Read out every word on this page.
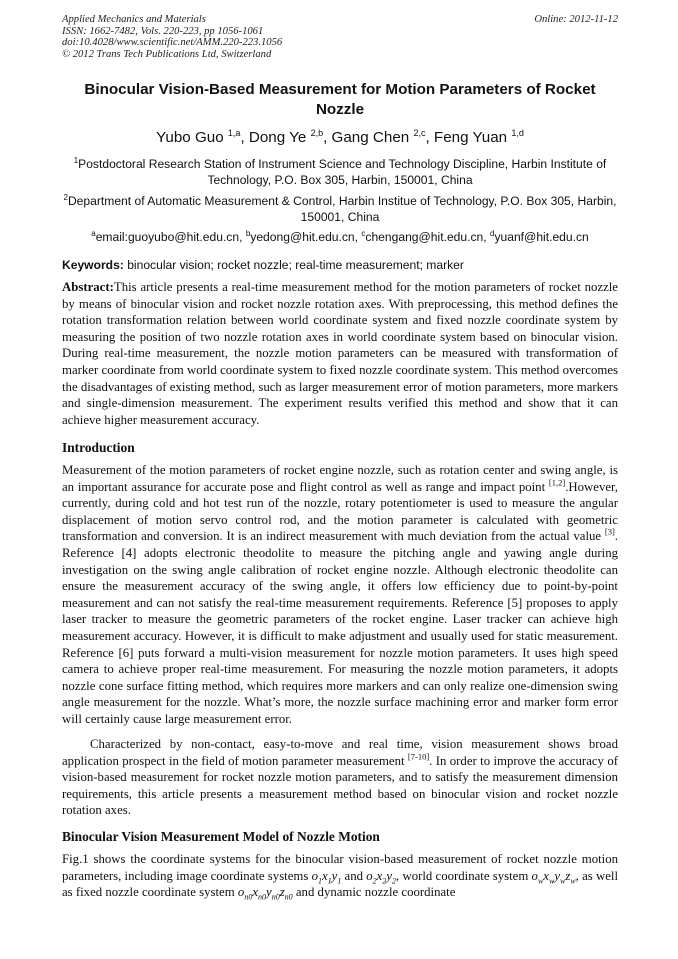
Applied Mechanics and Materials
ISSN: 1662-7482, Vols. 220-223, pp 1056-1061
doi:10.4028/www.scientific.net/AMM.220-223.1056
© 2012 Trans Tech Publications Ltd, Switzerland
Online: 2012-11-12
Binocular Vision-Based Measurement for Motion Parameters of Rocket Nozzle
Yubo Guo $^{1,a}$, Dong Ye $^{2,b}$, Gang Chen $^{2,c}$, Feng Yuan $^{1,d}$
$^1$Postdoctoral Research Station of Instrument Science and Technology Discipline, Harbin Institute of Technology, P.O. Box 305, Harbin, 150001, China
$^2$Department of Automatic Measurement & Control, Harbin Institue of Technology, P.O. Box 305, Harbin, 150001, China
$^a$email:guoyubo@hit.edu.cn, $^b$yedong@hit.edu.cn, $^c$chengang@hit.edu.cn, $^d$yuanf@hit.edu.cn
Keywords: binocular vision; rocket nozzle; real-time measurement; marker
Abstract:This article presents a real-time measurement method for the motion parameters of rocket nozzle by means of binocular vision and rocket nozzle rotation axes. With preprocessing, this method defines the rotation transformation relation between world coordinate system and fixed nozzle coordinate system by measuring the position of two nozzle rotation axes in world coordinate system based on binocular vision. During real-time measurement, the nozzle motion parameters can be measured with transformation of marker coordinate from world coordinate system to fixed nozzle coordinate system. This method overcomes the disadvantages of existing method, such as larger measurement error of motion parameters, more markers and single-dimension measurement. The experiment results verified this method and show that it can achieve higher measurement accuracy.
Introduction
Measurement of the motion parameters of rocket engine nozzle, such as rotation center and swing angle, is an important assurance for accurate pose and flight control as well as range and impact point [1,2].However, currently, during cold and hot test run of the nozzle, rotary potentiometer is used to measure the angular displacement of motion servo control rod, and the motion parameter is calculated with geometric transformation and conversion. It is an indirect measurement with much deviation from the actual value [3]. Reference [4] adopts electronic theodolite to measure the pitching angle and yawing angle during investigation on the swing angle calibration of rocket engine nozzle. Although electronic theodolite can ensure the measurement accuracy of the swing angle, it offers low efficiency due to point-by-point measurement and can not satisfy the real-time measurement requirements. Reference [5] proposes to apply laser tracker to measure the geometric parameters of the rocket engine. Laser tracker can achieve high measurement accuracy. However, it is difficult to make adjustment and usually used for static measurement. Reference [6] puts forward a multi-vision measurement for nozzle motion parameters. It uses high speed camera to achieve proper real-time measurement. For measuring the nozzle motion parameters, it adopts nozzle cone surface fitting method, which requires more markers and can only realize one-dimension swing angle measurement for the nozzle. What’s more, the nozzle surface machining error and marker form error will certainly cause large measurement error.
Characterized by non-contact, easy-to-move and real time, vision measurement shows broad application prospect in the field of motion parameter measurement [7-10]. In order to improve the accuracy of vision-based measurement for rocket nozzle motion parameters, and to satisfy the measurement dimension requirements, this article presents a measurement method based on binocular vision and rocket nozzle rotation axes.
Binocular Vision Measurement Model of Nozzle Motion
Fig.1 shows the coordinate systems for the binocular vision-based measurement of rocket nozzle motion parameters, including image coordinate systems $o_1x_1y_1$ and $o_2x_2y_2$, world coordinate system $o_wx_wy_wz_w$, as well as fixed nozzle coordinate system $o_{n0}x_{n0}y_{n0}z_{n0}$ and dynamic nozzle coordinate
